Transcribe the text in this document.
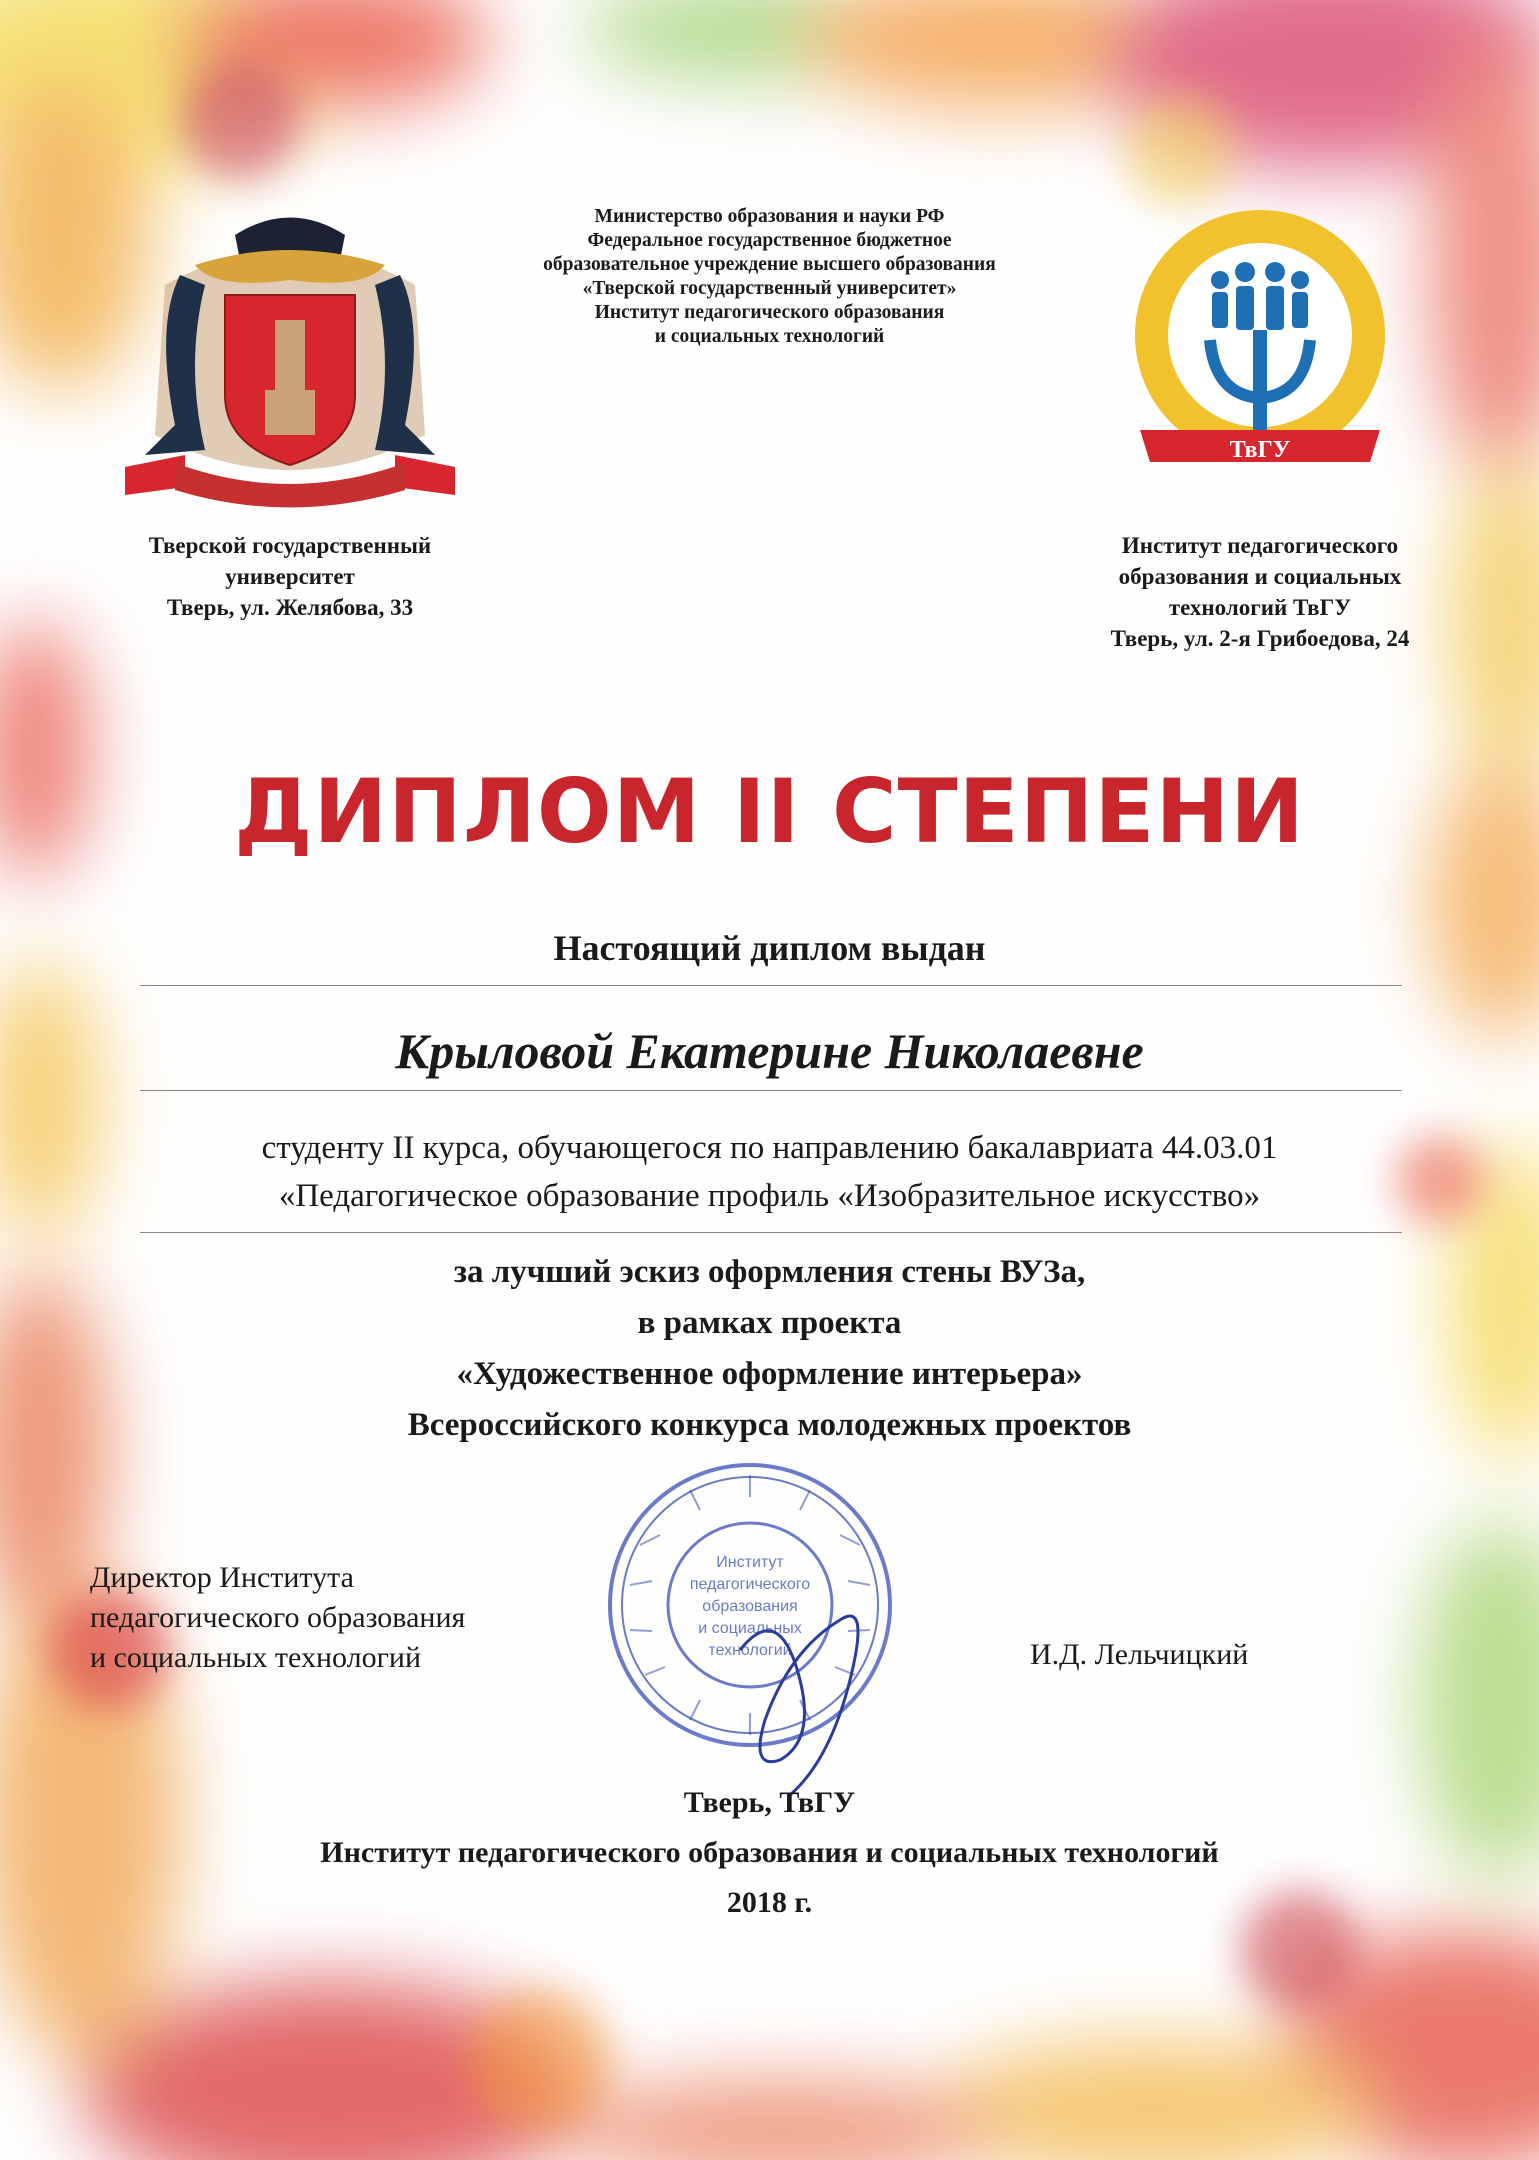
ТвГУ
Министерство образования и науки РФ
Федеральное государственное бюджетное
образовательное учреждение высшего образования
«Тверской государственный университет»
Институт педагогического образования
и социальных технологий
Тверской государственный
университет
Тверь, ул. Желябова, 33
Институт педагогического
образования и социальных
технологий ТвГУ
Тверь, ул. 2-я Грибоедова, 24
ДИПЛОМ II СТЕПЕНИ
Настоящий диплом выдан
Крыловой Екатерине Николаевне
студенту II курса, обучающегося по направлению бакалавриата 44.03.01
«Педагогическое образование профиль «Изобразительное искусство»
за лучший эскиз оформления стены ВУЗа,
в рамках проекта
«Художественное оформление интерьера»
Всероссийского конкурса молодежных проектов
Институт
педагогического
образования
и социальных
технологий
Директор Института
педагогического образования
и социальных технологий	И.Д. Лельчицкий
Тверь, ТвГУ
Институт педагогического образования и социальных технологий
2018 г.
